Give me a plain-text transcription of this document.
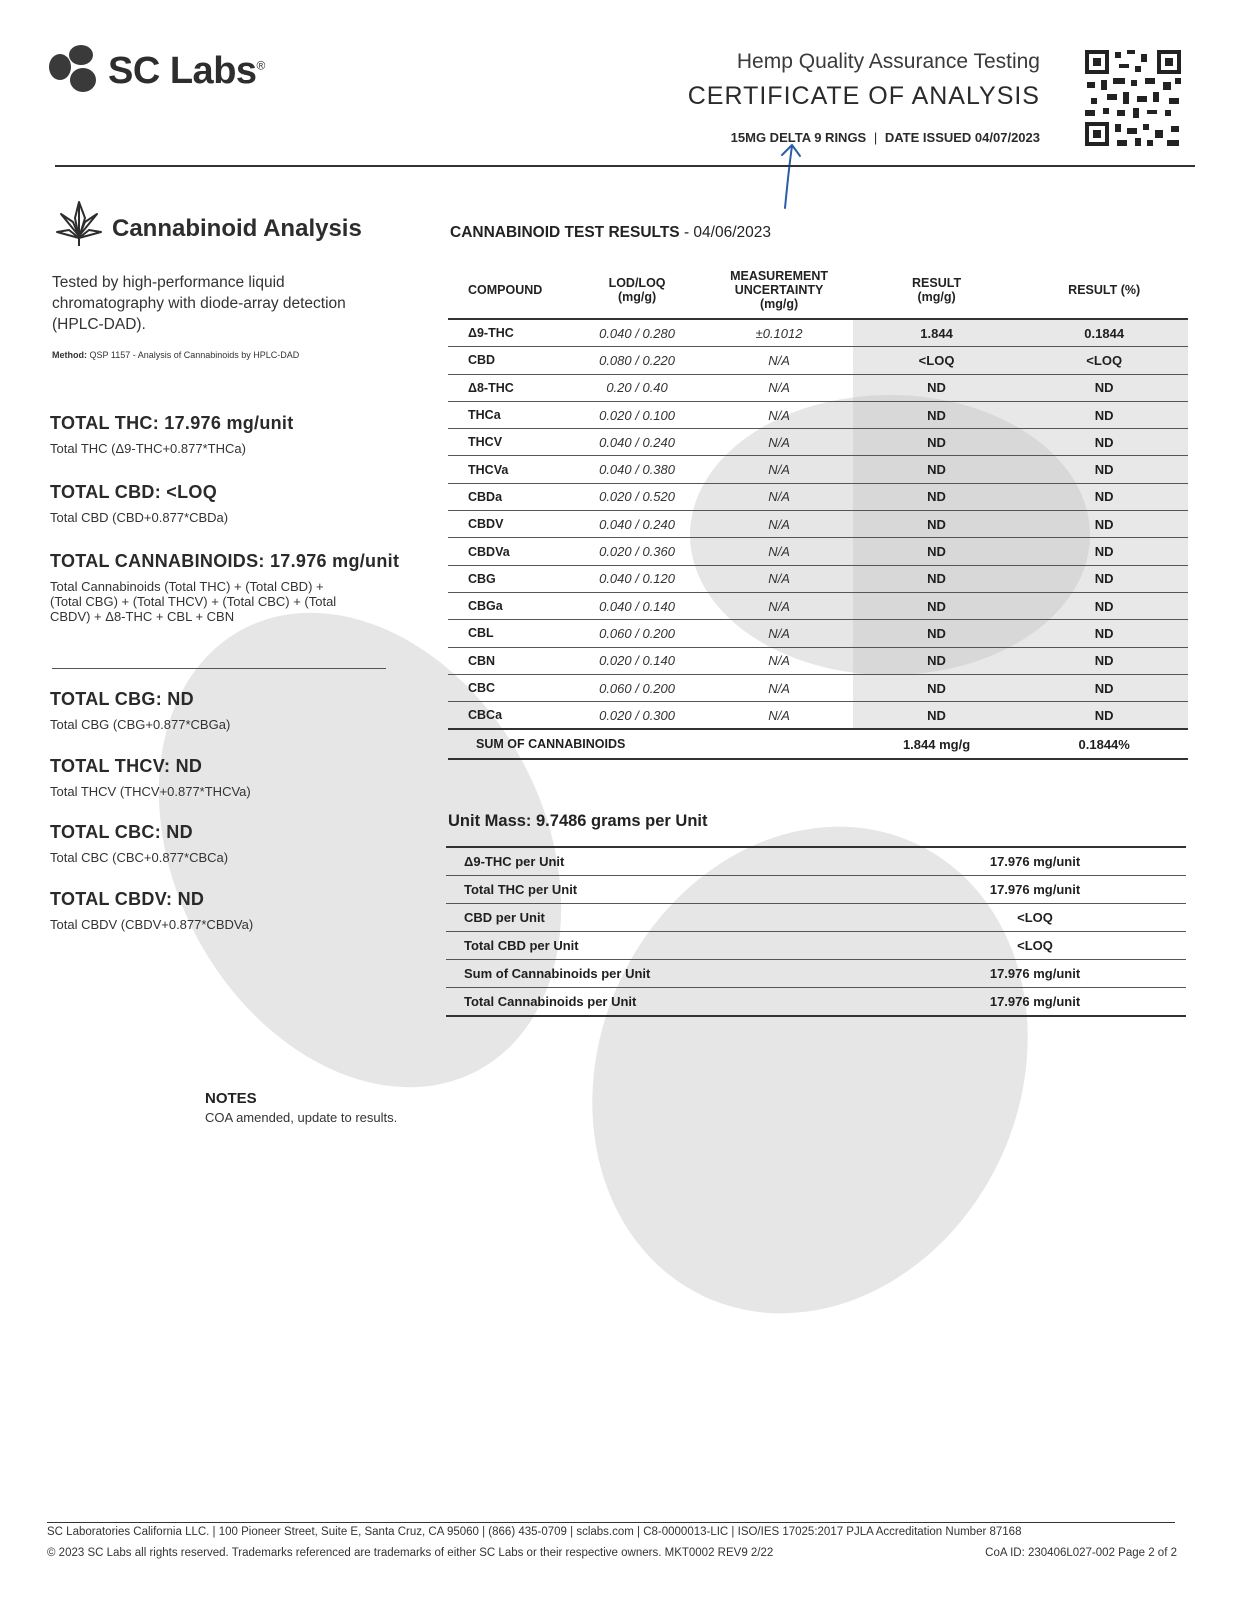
SC Labs®	Hemp Quality Assurance Testing
CERTIFICATE OF ANALYSIS
15MG DELTA 9 RINGS | DATE ISSUED 04/07/2023
Cannabinoid Analysis
Tested by high-performance liquid chromatography with diode-array detection (HPLC-DAD).
Method: QSP 1157 - Analysis of Cannabinoids by HPLC-DAD
TOTAL THC: 17.976 mg/unit
Total THC (Δ9-THC+0.877*THCa)
TOTAL CBD: <LOQ
Total CBD (CBD+0.877*CBDa)
TOTAL CANNABINOIDS: 17.976 mg/unit
Total Cannabinoids (Total THC) + (Total CBD) + (Total CBG) + (Total THCV) + (Total CBC) + (Total CBDV) + Δ8-THC + CBL + CBN
TOTAL CBG: ND
Total CBG (CBG+0.877*CBGa)
TOTAL THCV: ND
Total THCV (THCV+0.877*THCVa)
TOTAL CBC: ND
Total CBC (CBC+0.877*CBCa)
TOTAL CBDV: ND
Total CBDV (CBDV+0.877*CBDVa)
CANNABINOID TEST RESULTS - 04/06/2023
COMPOUND	LOD/LOQ (mg/g)	MEASUREMENT UNCERTAINTY (mg/g)	RESULT (mg/g)	RESULT (%)
Δ9-THC	0.040 / 0.280	±0.1012	1.844	0.1844
CBD	0.080 / 0.220	N/A	<LOQ	<LOQ
Δ8-THC	0.20 / 0.40	N/A	ND	ND
THCa	0.020 / 0.100	N/A	ND	ND
THCV	0.040 / 0.240	N/A	ND	ND
THCVa	0.040 / 0.380	N/A	ND	ND
CBDa	0.020 / 0.520	N/A	ND	ND
CBDV	0.040 / 0.240	N/A	ND	ND
CBDVa	0.020 / 0.360	N/A	ND	ND
CBG	0.040 / 0.120	N/A	ND	ND
CBGa	0.040 / 0.140	N/A	ND	ND
CBL	0.060 / 0.200	N/A	ND	ND
CBN	0.020 / 0.140	N/A	ND	ND
CBC	0.060 / 0.200	N/A	ND	ND
CBCa	0.020 / 0.300	N/A	ND	ND
SUM OF CANNABINOIDS			1.844 mg/g	0.1844%
Unit Mass: 9.7486 grams per Unit
Δ9-THC per Unit	17.976 mg/unit
Total THC per Unit	17.976 mg/unit
CBD per Unit	<LOQ
Total CBD per Unit	<LOQ
Sum of Cannabinoids per Unit	17.976 mg/unit
Total Cannabinoids per Unit	17.976 mg/unit
NOTES
COA amended, update to results.
SC Laboratories California LLC. | 100 Pioneer Street, Suite E, Santa Cruz, CA 95060 | (866) 435-0709 | sclabs.com | C8-0000013-LIC | ISO/IES 17025:2017 PJLA Accreditation Number 87168
© 2023 SC Labs all rights reserved. Trademarks referenced are trademarks of either SC Labs or their respective owners. MKT0002 REV9 2/22	CoA ID: 230406L027-002 Page 2 of 2
